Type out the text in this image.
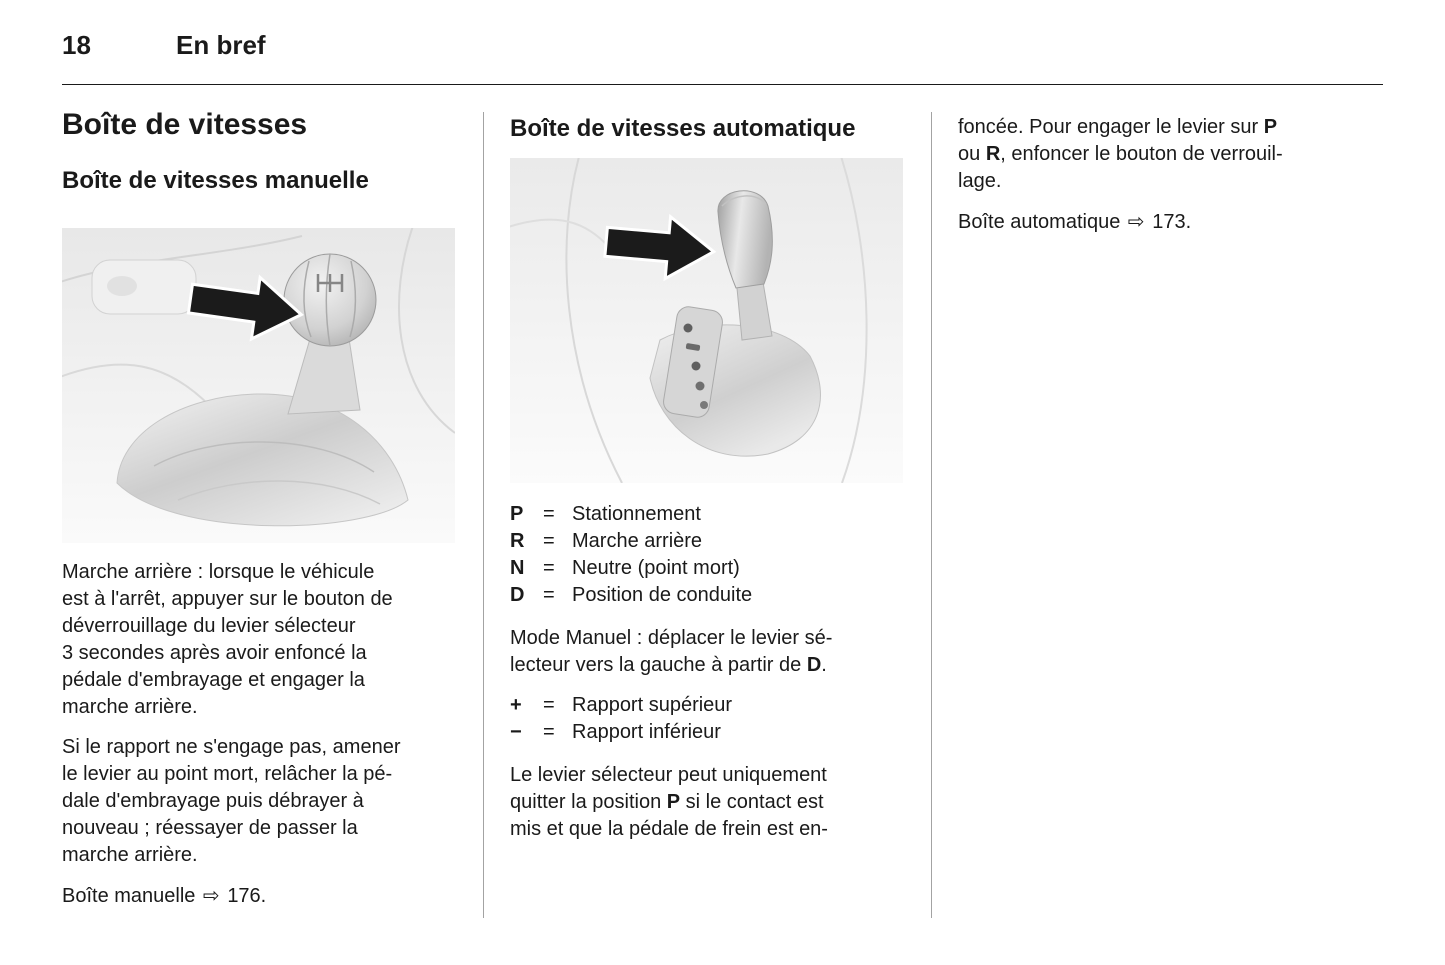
18	En bref
Boîte de vitesses
Boîte de vitesses manuelle

Marche arrière : lorsque le véhicule
est à l'arrêt, appuyer sur le bouton de
déverrouillage du levier sélecteur
3 secondes après avoir enfoncé la
pédale d'embrayage et engager la
marche arrière.

Si le rapport ne s'engage pas, amener
le levier au point mort, relâcher la pé-
dale d'embrayage puis débrayer à
nouveau ; réessayer de passer la
marche arrière.

Boîte manuelle ⇨ 176.

Boîte de vitesses automatique
P = Stationnement
R = Marche arrière
N = Neutre (point mort)
D = Position de conduite

Mode Manuel : déplacer le levier sé-
lecteur vers la gauche à partir de D.

+	= Rapport supérieur
−	= Rapport inférieur

Le levier sélecteur peut uniquement
quitter la position P si le contact est
mis et que la pédale de frein est en-

foncée. Pour engager le levier sur P
ou R, enfoncer le bouton de verrouil-
lage.

Boîte automatique ⇨ 173.
